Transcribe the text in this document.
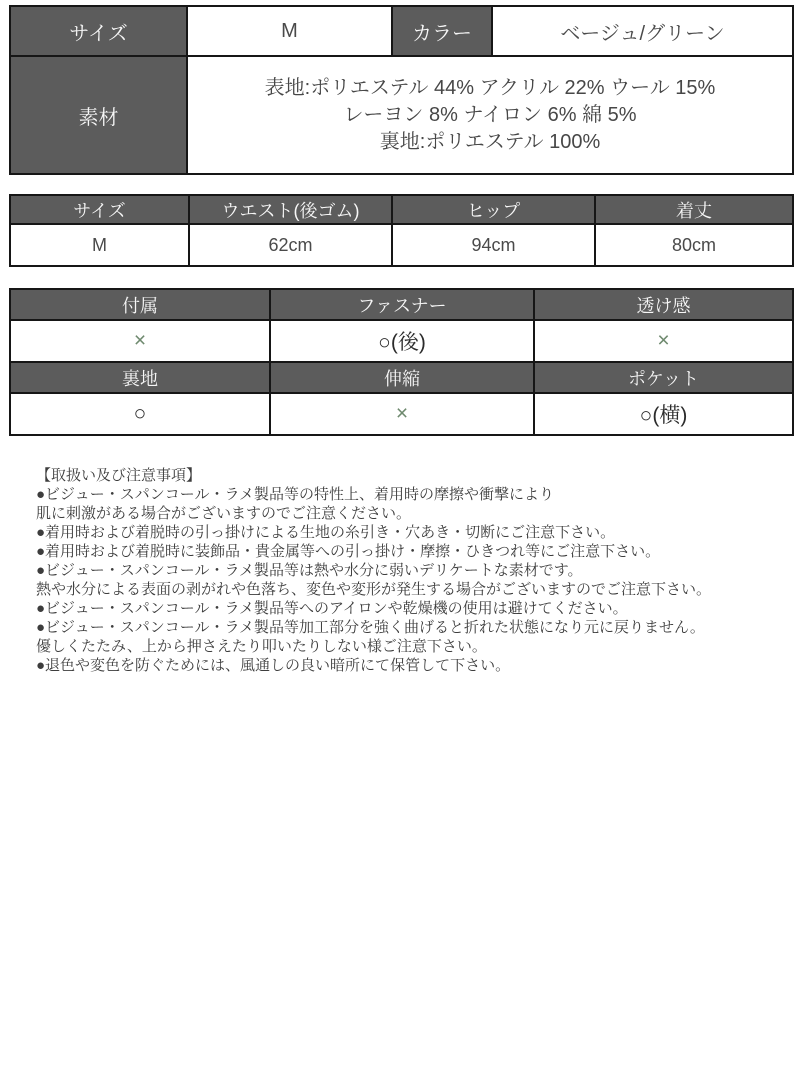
サイズ	M	カラー	ベージュ/グリーン
素材	表地:ポリエステル 44% アクリル 22% ウール 15%
レーヨン 8% ナイロン 6% 綿 5%
裏地:ポリエステル 100%		
サイズ	ウエスト(後ゴム)	ヒップ	着丈
M	62cm	94cm	80cm
付属	ファスナー	透け感
×	○(後)	×
裏地	伸縮	ポケット
○	×	○(横)
【取扱い及び注意事項】
●ビジュー・スパンコール・ラメ製品等の特性上、着用時の摩擦や衝撃により
肌に刺激がある場合がございますのでご注意ください。
●着用時および着脱時の引っ掛けによる生地の糸引き・穴あき・切断にご注意下さい。
●着用時および着脱時に装飾品・貴金属等への引っ掛け・摩擦・ひきつれ等にご注意下さい。
●ビジュー・スパンコール・ラメ製品等は熱や水分に弱いデリケートな素材です。
熱や水分による表面の剥がれや色落ち、変色や変形が発生する場合がございますのでご注意下さい。
●ビジュー・スパンコール・ラメ製品等へのアイロンや乾燥機の使用は避けてください。
●ビジュー・スパンコール・ラメ製品等加工部分を強く曲げると折れた状態になり元に戻りません。
優しくたたみ、上から押さえたり叩いたりしない様ご注意下さい。
●退色や変色を防ぐためには、風通しの良い暗所にて保管して下さい。
